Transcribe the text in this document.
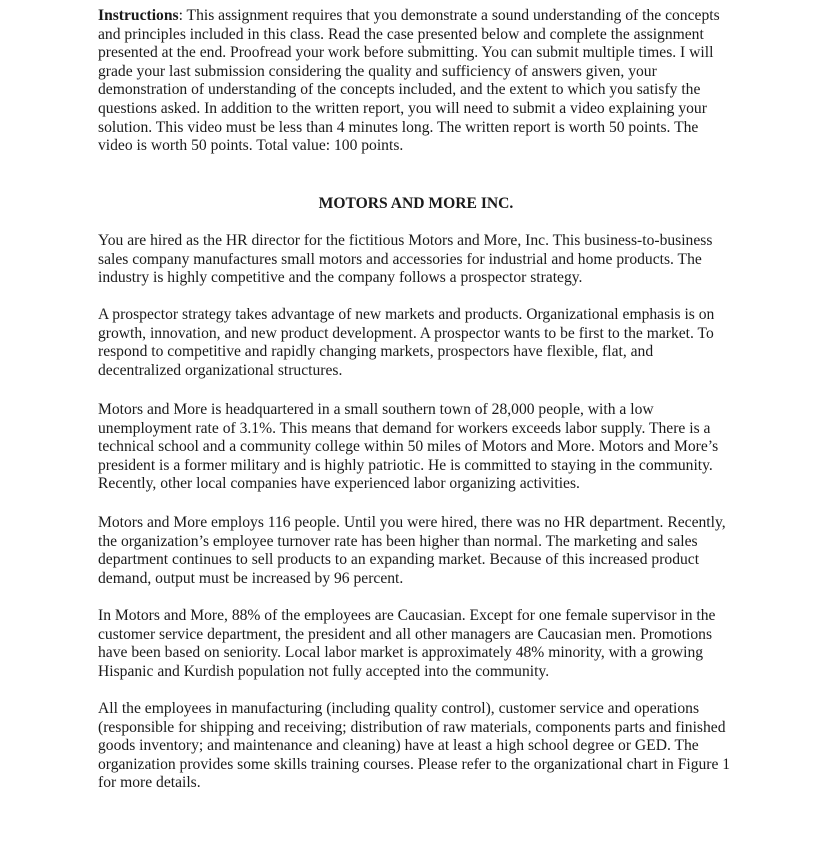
Instructions: This assignment requires that you demonstrate a sound understanding of the concepts and principles included in this class. Read the case presented below and complete the assignment presented at the end. Proofread your work before submitting. You can submit multiple times. I will grade your last submission considering the quality and sufficiency of answers given, your demonstration of understanding of the concepts included, and the extent to which you satisfy the questions asked. In addition to the written report, you will need to submit a video explaining your solution. This video must be less than 4 minutes long. The written report is worth 50 points. The video is worth 50 points. Total value: 100 points.

MOTORS AND MORE INC.

You are hired as the HR director for the fictitious Motors and More, Inc. This business-to-business sales company manufactures small motors and accessories for industrial and home products. The industry is highly competitive and the company follows a prospector strategy.

A prospector strategy takes advantage of new markets and products. Organizational emphasis is on growth, innovation, and new product development. A prospector wants to be first to the market. To respond to competitive and rapidly changing markets, prospectors have flexible, flat, and decentralized organizational structures.

Motors and More is headquartered in a small southern town of 28,000 people, with a low unemployment rate of 3.1%. This means that demand for workers exceeds labor supply. There is a technical school and a community college within 50 miles of Motors and More. Motors and More’s president is a former military and is highly patriotic. He is committed to staying in the community. Recently, other local companies have experienced labor organizing activities.

Motors and More employs 116 people. Until you were hired, there was no HR department. Recently, the organization’s employee turnover rate has been higher than normal. The marketing and sales department continues to sell products to an expanding market. Because of this increased product demand, output must be increased by 96 percent.

In Motors and More, 88% of the employees are Caucasian. Except for one female supervisor in the customer service department, the president and all other managers are Caucasian men. Promotions have been based on seniority. Local labor market is approximately 48% minority, with a growing Hispanic and Kurdish population not fully accepted into the community.

All the employees in manufacturing (including quality control), customer service and operations (responsible for shipping and receiving; distribution of raw materials, components parts and finished goods inventory; and maintenance and cleaning) have at least a high school degree or GED. The organization provides some skills training courses. Please refer to the organizational chart in Figure 1 for more details.
